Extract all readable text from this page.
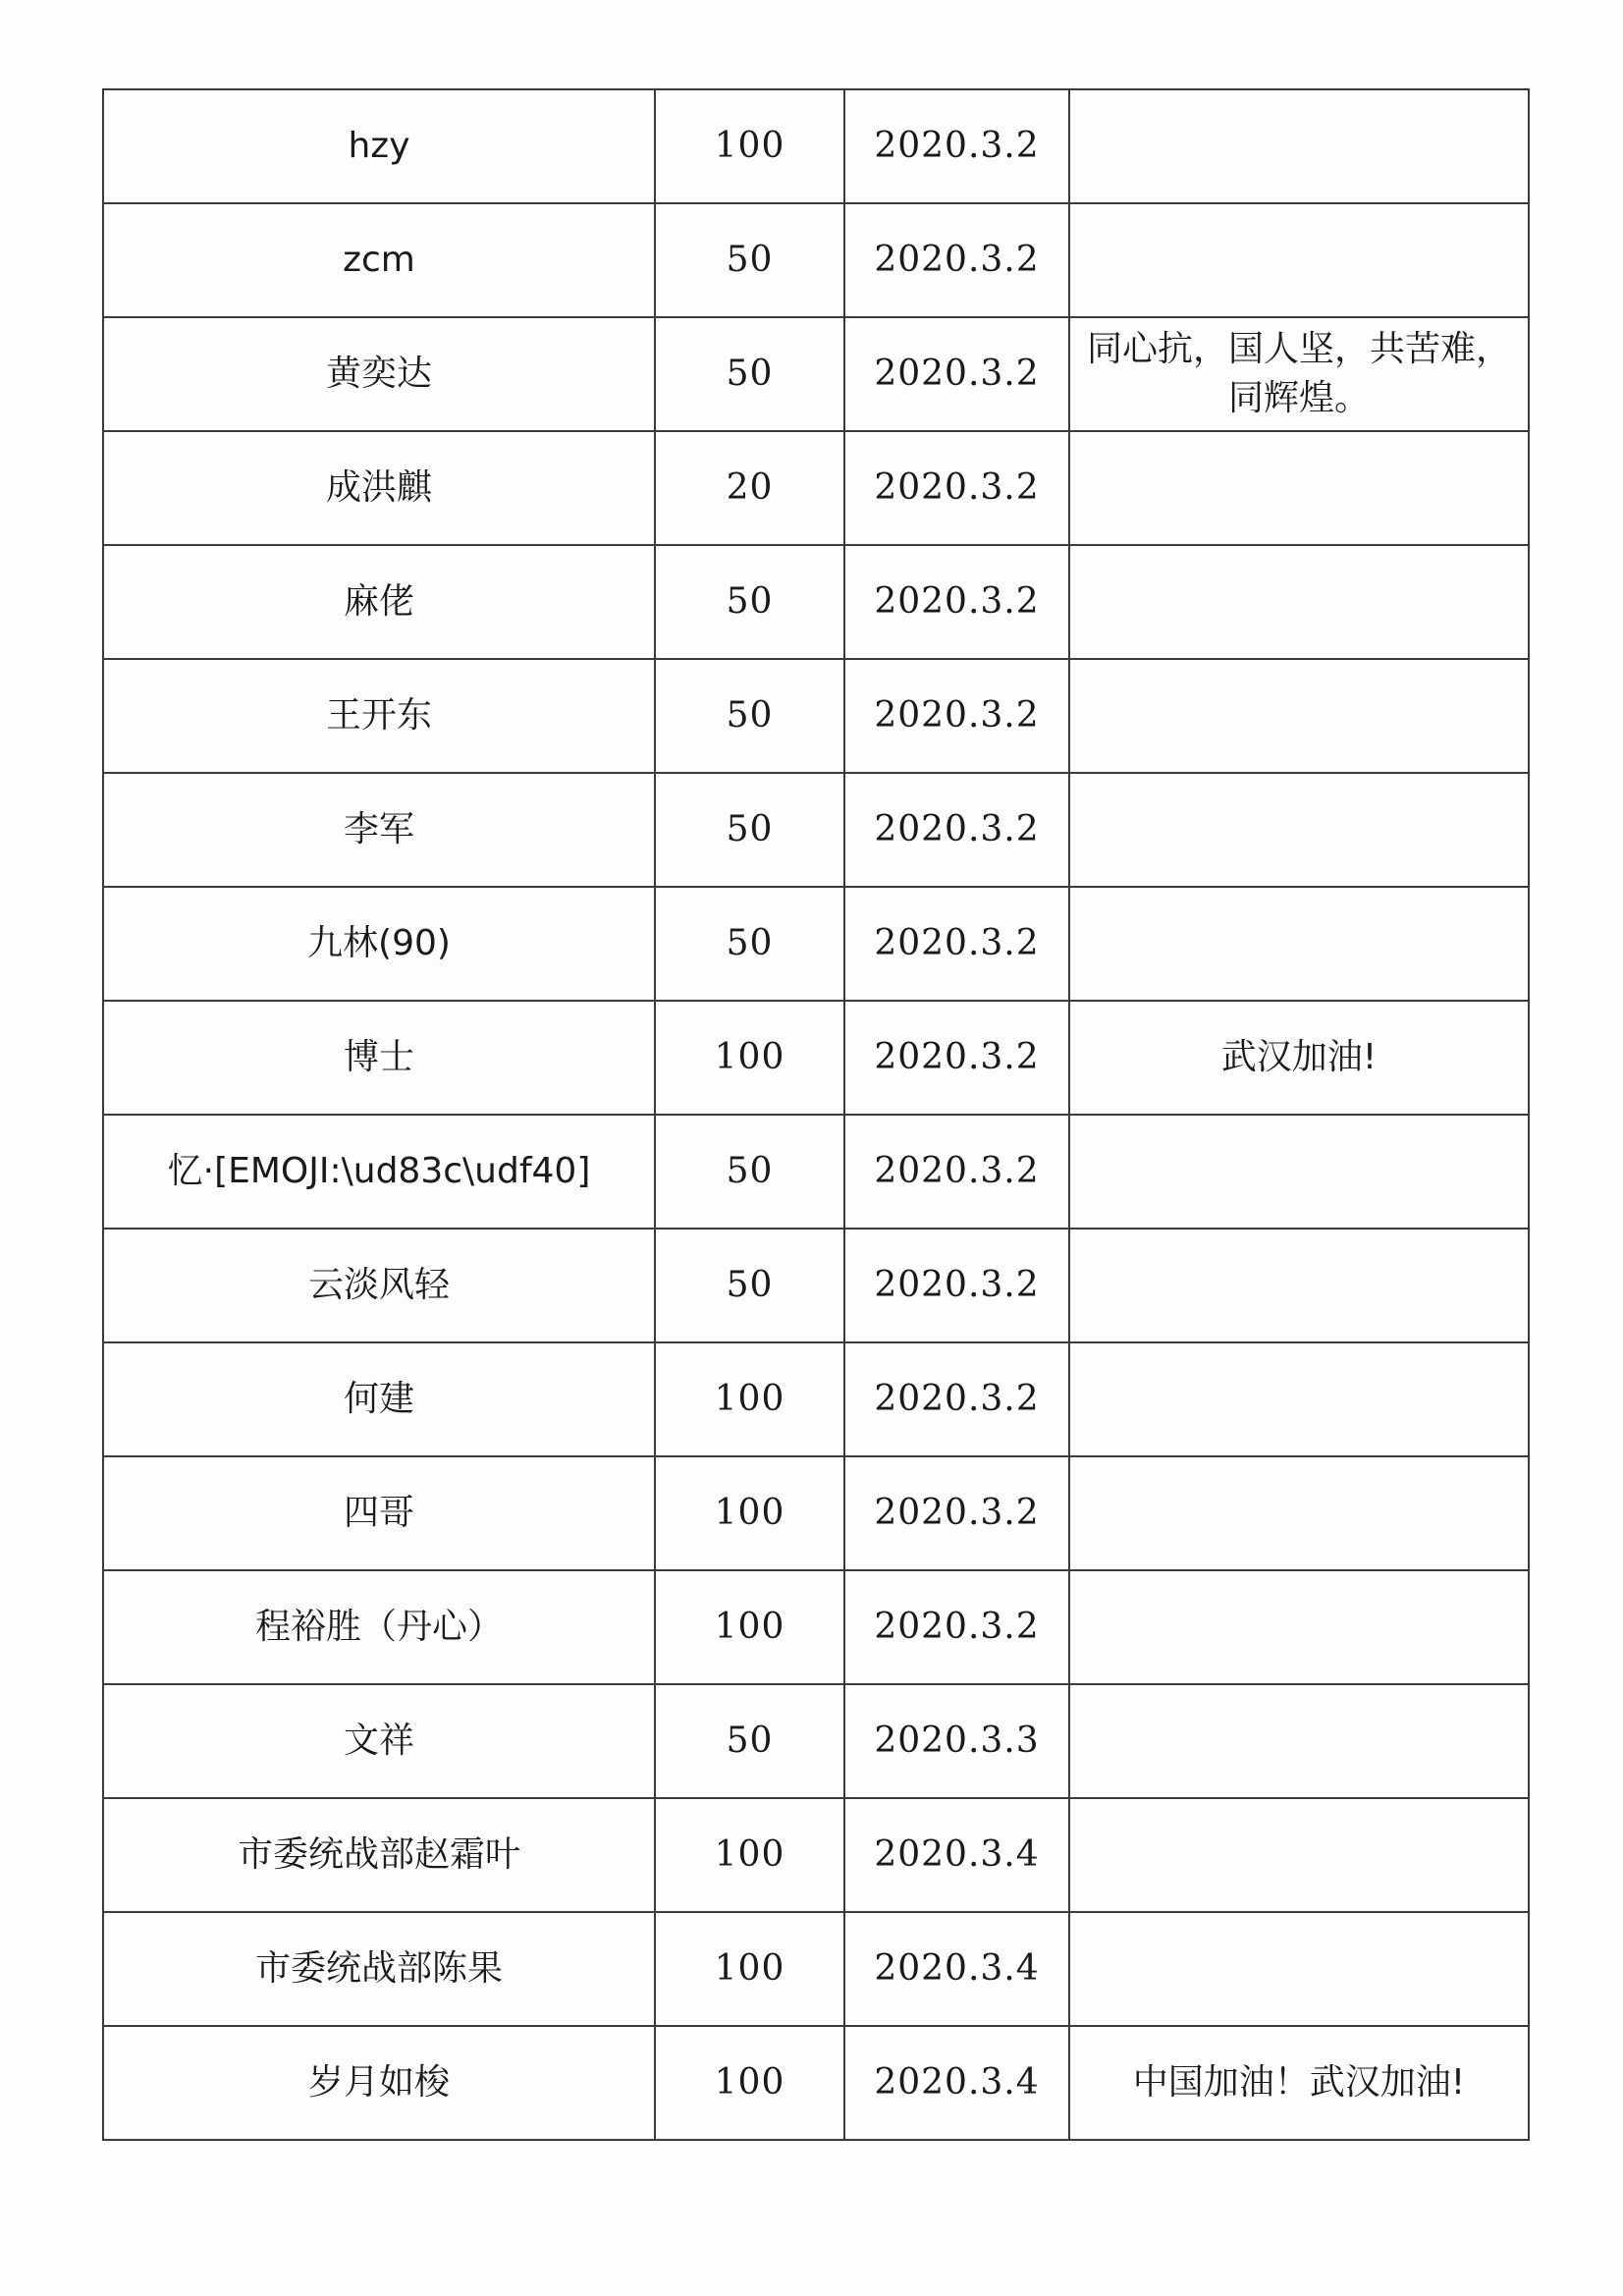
hzy	100	2020.3.2	
zcm	50	2020.3.2	
黄奕达	50	2020.3.2	同心抗，国人坚，共苦难，同辉煌。
成洪麒	20	2020.3.2	
麻佬	50	2020.3.2	
王开东	50	2020.3.2	
李军	50	2020.3.2	
九林(90)	50	2020.3.2	
博士	100	2020.3.2	武汉加油!
忆·[EMOJI:\ud83c\udf40]	50	2020.3.2	
云淡风轻	50	2020.3.2	
何建	100	2020.3.2	
四哥	100	2020.3.2	
程裕胜（丹心）	100	2020.3.2	
文祥	50	2020.3.3	
市委统战部赵霜叶	100	2020.3.4	
市委统战部陈果	100	2020.3.4	
岁月如梭	100	2020.3.4	中国加油！武汉加油!
